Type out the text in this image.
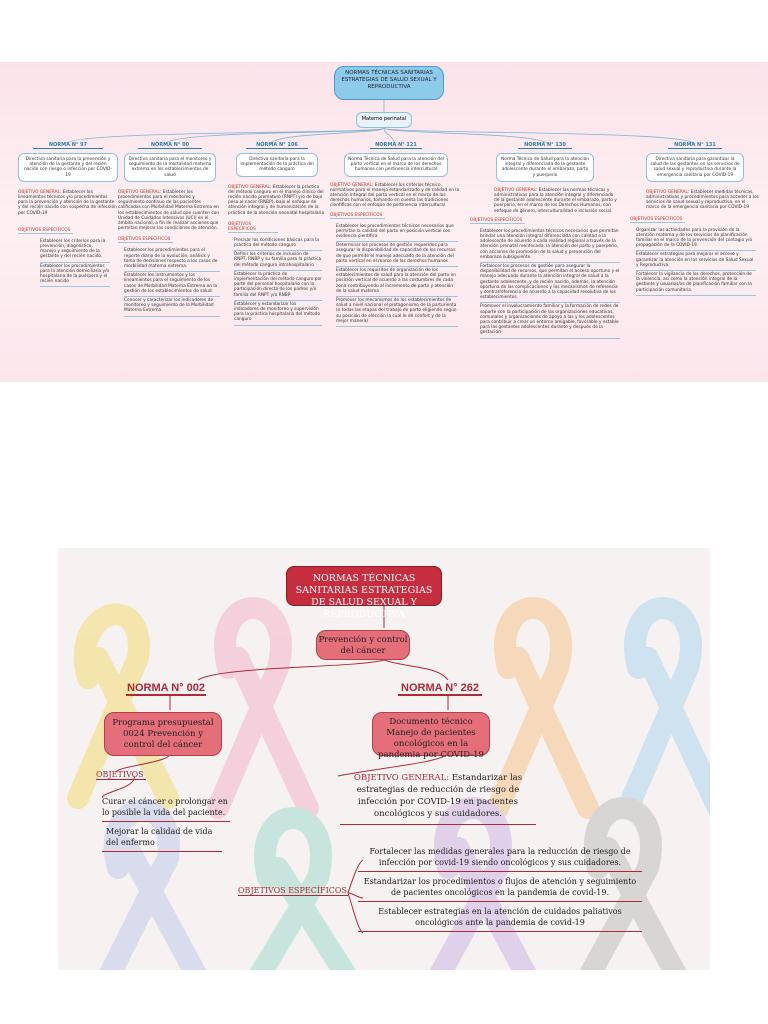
NORMAS TÉCNICAS SANITARIAS ESTRATEGIAS DE SALUD SEXUAL Y REPRODUCTIVA
Materno perinatal
NORMA N° 97
Directiva sanitaria para la prevención y atención de la gestante y del recién nacido con riesgo o infección por COVID-19
OBJETIVO GENERAL: Establecer los lineamientos técnicos y/o procedimientos para la prevención y atención de la gestante y del recién nacido con sospecha de infección por COVID-19
OBJETIVOS ESPECÍFICOS
Establecer los criterios para la prevención, diagnóstico, manejo y seguimiento de la gestante y del recién nacido.
Establecer los procedimientos para la atención domiciliaria y/o hospitalaria de la puérpera y el recién nacido
NORMA N° 00
Directiva sanitaria para el monitoreo y seguimiento de la mortalidad materna extrema en los establecimientos de salud
OBJETIVO GENERAL: Establecer los procedimientos para el monitoreo y seguimiento continuo de las pacientes calificadas con Morbilidad Materna Extrema en los establecimientos de salud que cuenten con Unidad de Cuidados Intensivos (UCI) en el ámbito nacional, a fin de realizar acciones que permitan mejorar las condiciones de atención.
OBJETIVOS ESPECÍFICOS
Establecer los procedimientos para el reporte diario de la evolución, análisis y toma de decisiones respecto a los casos de morbilidad materna extrema.
Establecer los instrumentos y los lineamientos para el seguimiento de los casos de Morbilidad Materna Extrema en la gestión de los establecimientos de salud.
Conocer y caracterizar los indicadores de monitoreo y seguimiento de la Morbilidad Materna Extrema.
NORMA N° 106
Directiva sanitaria para la implementación de la práctica del método canguro
OBJETIVO GENERAL: Establecer la práctica del método canguro en el manejo clínico del recién nacido prematuro (RNPT) y/o de bajo peso al nacer (RNBP), bajo el enfoque de atención integral y de humanización de la práctica de la atención neonatal hospitalaria
OBJETIVOS ESPECÍFICOS
Precisar las condiciones básicas para la práctica del método canguro
Definir los criterios de inclusión de RNPT, RNBP y su familia para la práctica del método canguro intrahospitalario
Establecer la práctica de implementación del método canguro por parte del personal hospitalario con la participación directa de los padres y/o familia del RNPT y/o RNBP
Establecer y estandarizar los indicadores de monitoreo y supervisión para la práctica hospitalaria del método canguro
NORMA N° 121
Norma Técnica de Salud para la atención del parto vertical en el marco de los derechos humanos con pertinencia intercultural
OBJETIVO GENERAL: Establecer los criterios técnico normativos para el manejo estandarizado y de calidad en la atención integral del parto vertical en el marco de los derechos humanos, tomando en cuenta las tradiciones científicas con el enfoque de pertinencia intercultural
OBJETIVOS ESPECÍFICOS
Establecer los procedimientos técnicos necesarios que permitan la calidad del parto en posición vertical con evidencia científica
Determinar los procesos de gestión requeridos para asegurar la disponibilidad de capacidad de los recursos de que permite el manejo adecuado de la atención del parto vertical en el marco de los derechos humanos
Establecer los requisitos de organización de los establecimientos de salud para la atención del parto en posición vertical de acuerdo a las costumbres de cada zona contribuyendo al incremento de parto y atención de la salud materna
Promover los mecanismos de los establecimientos de salud a nivel nacional el protagonismo de la parturienta (o todas las etapas del trabajo de parto eligiendo según su posición de elección la cual le dé confort y de la mejor manera)
NORMA N° 130
Norma Técnica de Salud para la atención integral y diferenciada de la gestante adolescente durante el embarazo, parto y puerperio
OBJETIVO GENERAL: Establecer las normas técnicas y administrativas para la atención integral y diferenciada de la gestante adolescente durante el embarazo, parto y puerperio, en el marco de los Derechos Humanos, con enfoque de género, interculturalidad e inclusión social.
OBJETIVOS ESPECÍFICOS
Establecer los procedimientos técnicos necesarios que permitan brindar una atención integral diferenciada con calidad a la adolescente de acuerdo a cada realidad regional a través de la atención prenatal reenfocada, la atención del parto y puerperio, con acciones de promoción de la salud y prevención del embarazo subsiguiente.
Fortalecer los procesos de gestión para asegurar la disponibilidad de recursos, que permitan el acceso oportuno y el manejo adecuado durante la atención integral de salud a la gestante adolescente, y de recién nacido, además, la atención oportuna de las complicaciones y los mecanismos de referencia y contrarreferencia de acuerdo a la capacidad resolutiva de los establecimientos.
Promover el involucramiento familiar y la formación de redes de soporte con la participación de las organizaciones educativas, comunales y organizaciones de apoyo a las y los adolescentes para contribuir a crear un entorno amigable, favorable y estable para las gestantes adolescentes durante y después de la gestación
NORMA N° 131
Directiva sanitaria para garantizar la salud de las gestantes en los servicios de salud sexual y reproductiva durante la emergencia sanitaria por COVID-19
OBJETIVO GENERAL: Establecer medidas técnicas, administrativas y procedimientos para acceder a los servicios de salud sexual y reproductiva, en el marco de la emergencia sanitaria por COVID-19
OBJETIVOS ESPECÍFICOS
Organizar las actividades para la provisión de la atención materna y de los servicios de planificación familiar en el marco de la prevención del contagio y/o propagación de la COVID-19.
Establecer estrategias para mejorar el acceso y garantizar la atención en los servicios de Salud Sexual y Reproductiva.
Fortalecer la vigilancia de los derechos, protección de la violencia, así como la atención integral de la gestante y usuarios/as de planificación familiar con la participación comunitaria.
NORMAS TÉCNICAS SANITARIAS ESTRATEGIAS DE SALUD SEXUAL Y REPRODUCTIVA
Prevención y control del cáncer
NORMA N° 002	NORMA N° 262
Programa presupuestal 0024 Prevención y control del cáncer
Documento técnico Manejo de pacientes oncológicos en la pandemia por COVID-19
OBJETIVOS
Curar el cáncer o prolongar en lo posible la vida del paciente.
Mejorar la calidad de vida del enfermo
OBJETIVO GENERAL: Estandarizar las estrategias de reducción de riesgo de infección por COVID-19 en pacientes oncológicos y sus cuidadores.
OBJETIVOS ESPECÍFICOS
Fortalecer las medidas generales para la reducción de riesgo de infección por covid-19 siendo oncológicos y sus cuidadores.
Estandarizar los procedimientos o flujos de atención y seguimiento de pacientes oncológicos en la pandemia de covid-19.
Establecer estrategias en la atención de cuidados paliativos oncológicos ante la pandemia de covid-19
